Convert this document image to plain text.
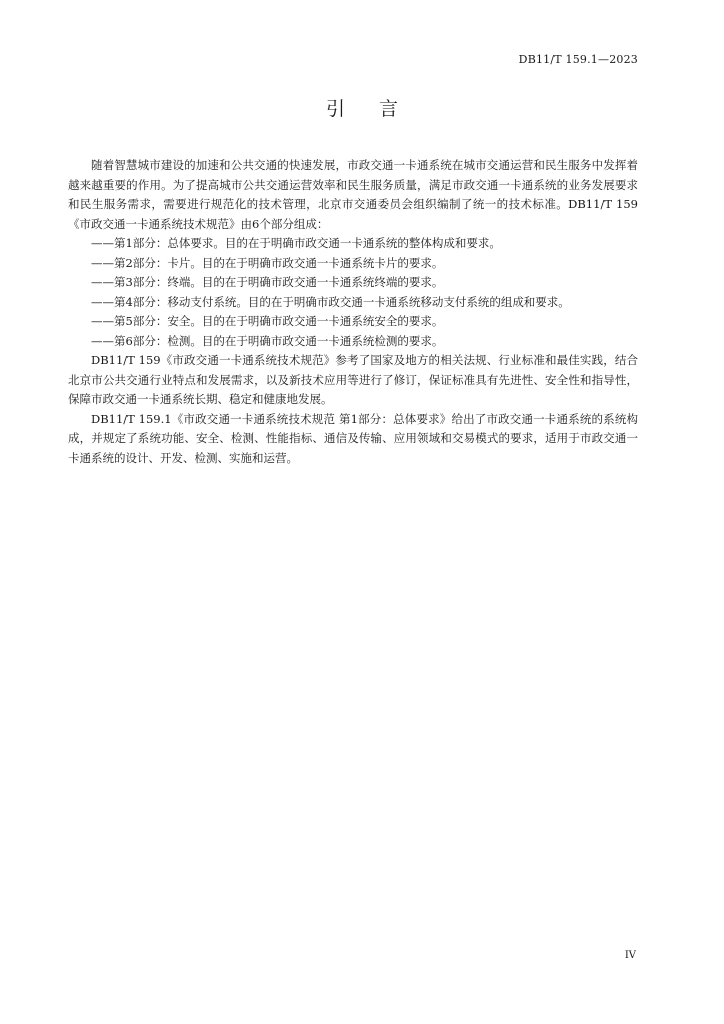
DB11/T 159.1—2023
引言

随着智慧城市建设的加速和公共交通的快速发展，市政交通一卡通系统在城市交通运营和民生服务中发挥着越来越重要的作用。为了提高城市公共交通运营效率和民生服务质量，满足市政交通一卡通系统的业务发展要求和民生服务需求，需要进行规范化的技术管理，北京市交通委员会组织编制了统一的技术标准。DB11/T 159《市政交通一卡通系统技术规范》由6个部分组成：

——第1部分：总体要求。目的在于明确市政交通一卡通系统的整体构成和要求。

——第2部分：卡片。目的在于明确市政交通一卡通系统卡片的要求。

——第3部分：终端。目的在于明确市政交通一卡通系统终端的要求。

——第4部分：移动支付系统。目的在于明确市政交通一卡通系统移动支付系统的组成和要求。

——第5部分：安全。目的在于明确市政交通一卡通系统安全的要求。

——第6部分：检测。目的在于明确市政交通一卡通系统检测的要求。

DB11/T 159《市政交通一卡通系统技术规范》参考了国家及地方的相关法规、行业标准和最佳实践，结合北京市公共交通行业特点和发展需求，以及新技术应用等进行了修订，保证标准具有先进性、安全性和指导性，保障市政交通一卡通系统长期、稳定和健康地发展。

DB11/T 159.1《市政交通一卡通系统技术规范 第1部分：总体要求》给出了市政交通一卡通系统的系统构成，并规定了系统功能、安全、检测、性能指标、通信及传输、应用领域和交易模式的要求，适用于市政交通一卡通系统的设计、开发、检测、实施和运营。

IV
